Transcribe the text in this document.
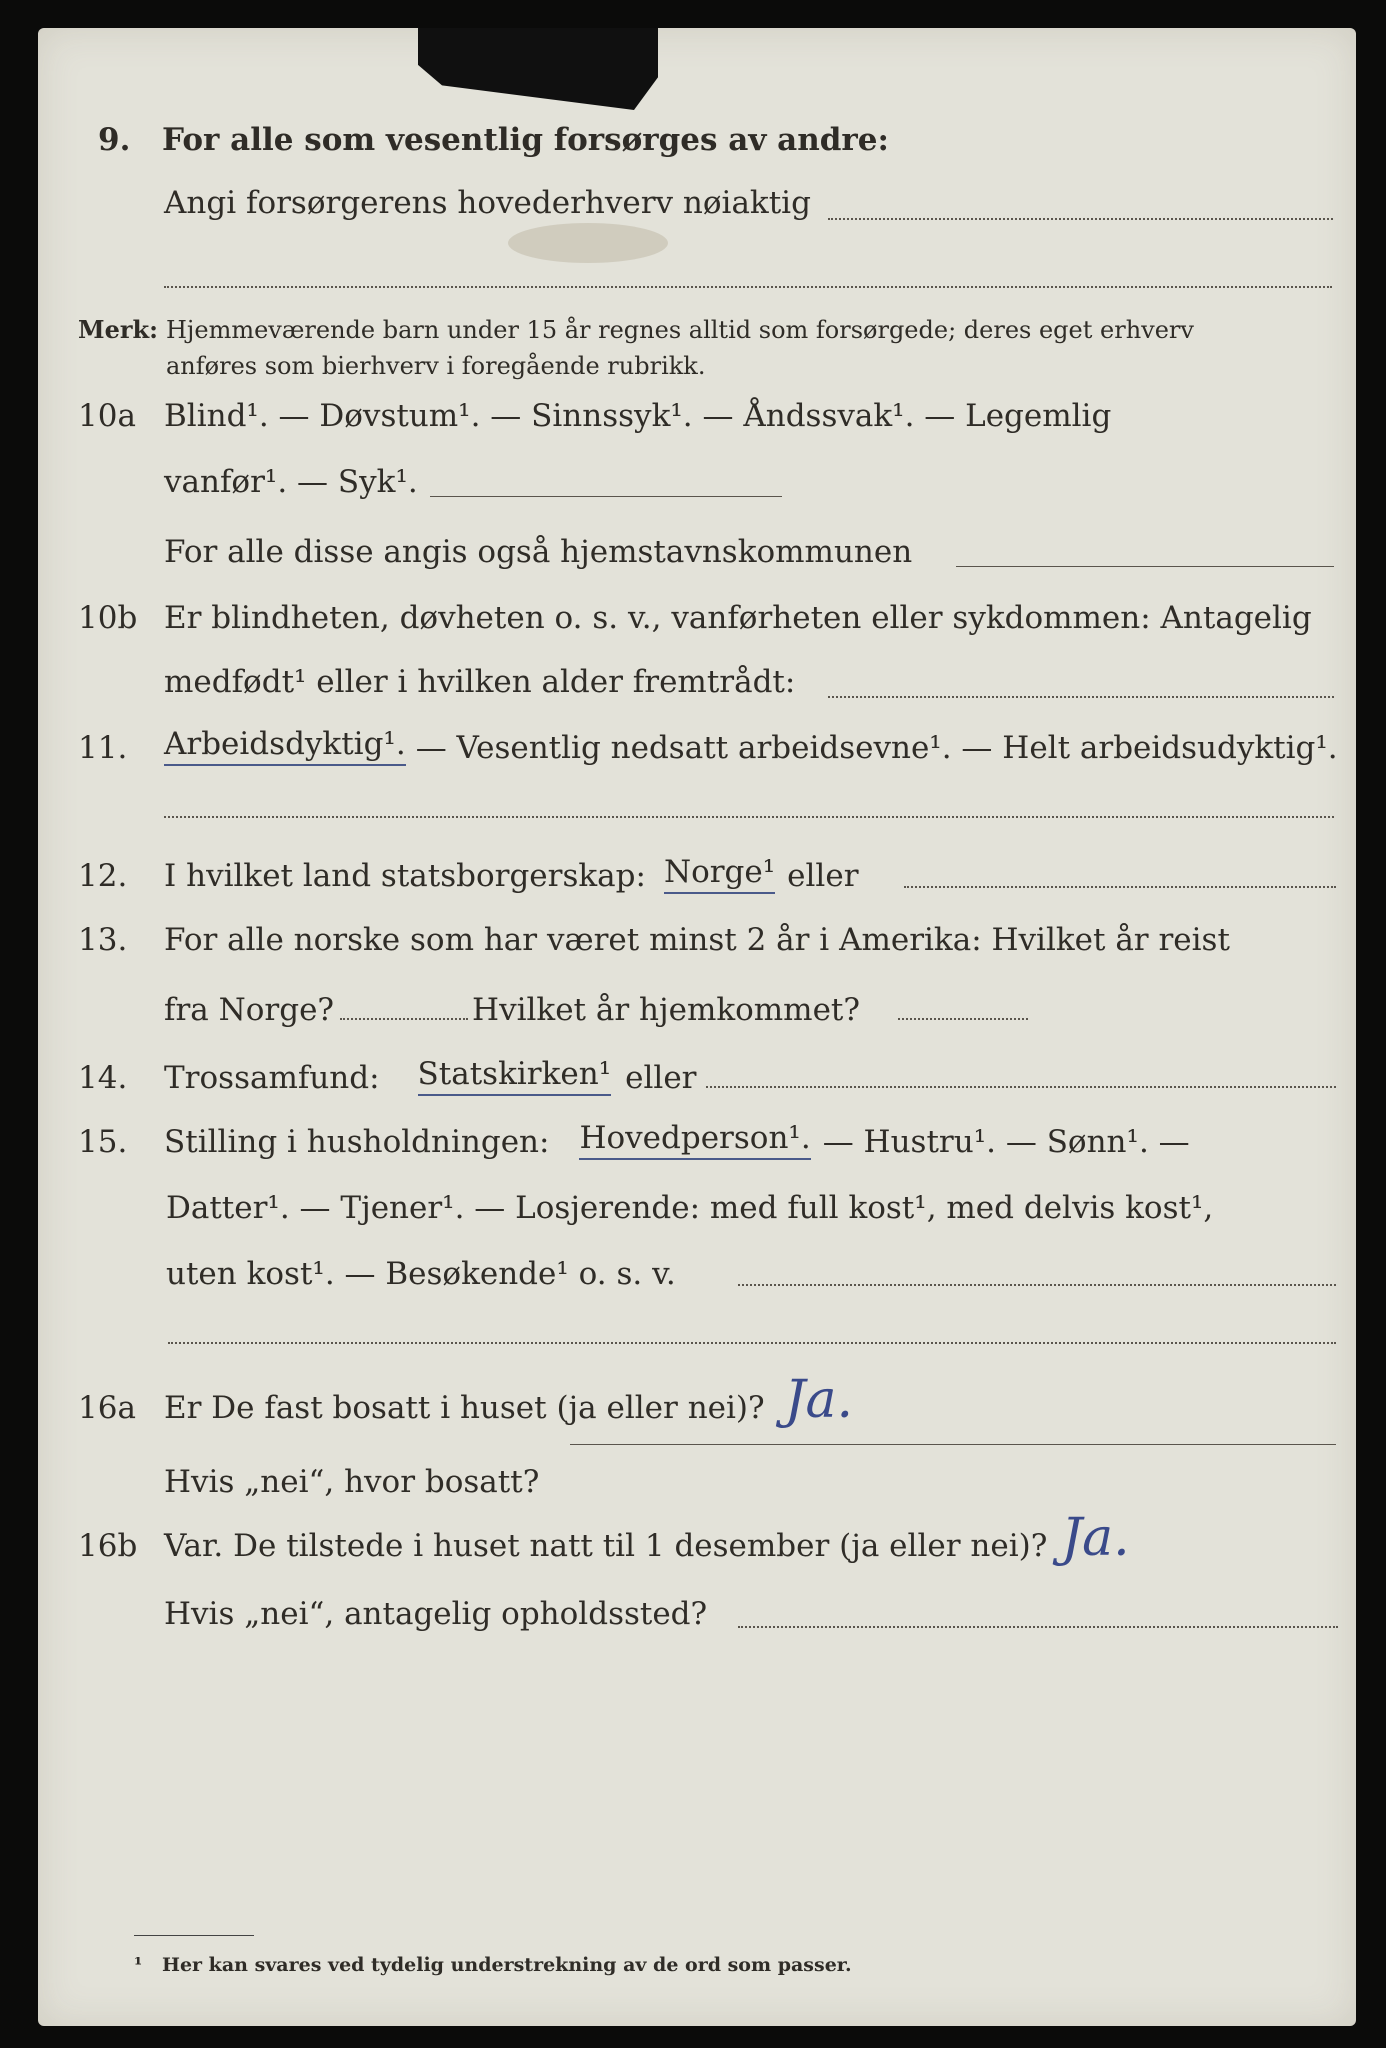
9.	For alle som vesentlig forsørges av andre:
Angi forsørgerens hovederhverv nøiaktig
Merk: Hjemmeværende barn under 15 år regnes alltid som forsørgede; deres eget erhverv
anføres som bierhverv i foregående rubrikk.
10a Blind¹. — Døvstum¹. — Sinnssyk¹. — Åndssvak¹. — Legemlig
vanfør¹. — Syk¹.
For alle disse angis også hjemstavnskommunen
10b Er blindheten, døvheten o. s. v., vanførheten eller sykdommen: Antagelig
medfødt¹ eller i hvilken alder fremtrådt:
11.	Arbeidsdyktig¹. — Vesentlig nedsatt arbeidsevne¹. — Helt arbeidsudyktig¹.
12.	I hvilket land statsborgerskap: Norge¹ eller
13.	For alle norske som har været minst 2 år i Amerika: Hvilket år reist
fra Norge?	Hvilket år hjemkommet?
14.	Trossamfund: Statskirken¹ eller
15.	Stilling i husholdningen: Hovedperson¹. — Hustru¹. — Sønn¹. —
Datter¹. — Tjener¹. — Losjerende: med full kost¹, med delvis kost¹,
uten kost¹. — Besøkende¹ o. s. v.
16a Er De fast bosatt i huset (ja eller nei)? Ja.
Hvis „nei“, hvor bosatt?
16b Var. De tilstede i huset natt til 1 desember (ja eller nei)? Ja.
Hvis „nei“, antagelig opholdssted?
¹	Her kan svares ved tydelig understrekning av de ord som passer.
